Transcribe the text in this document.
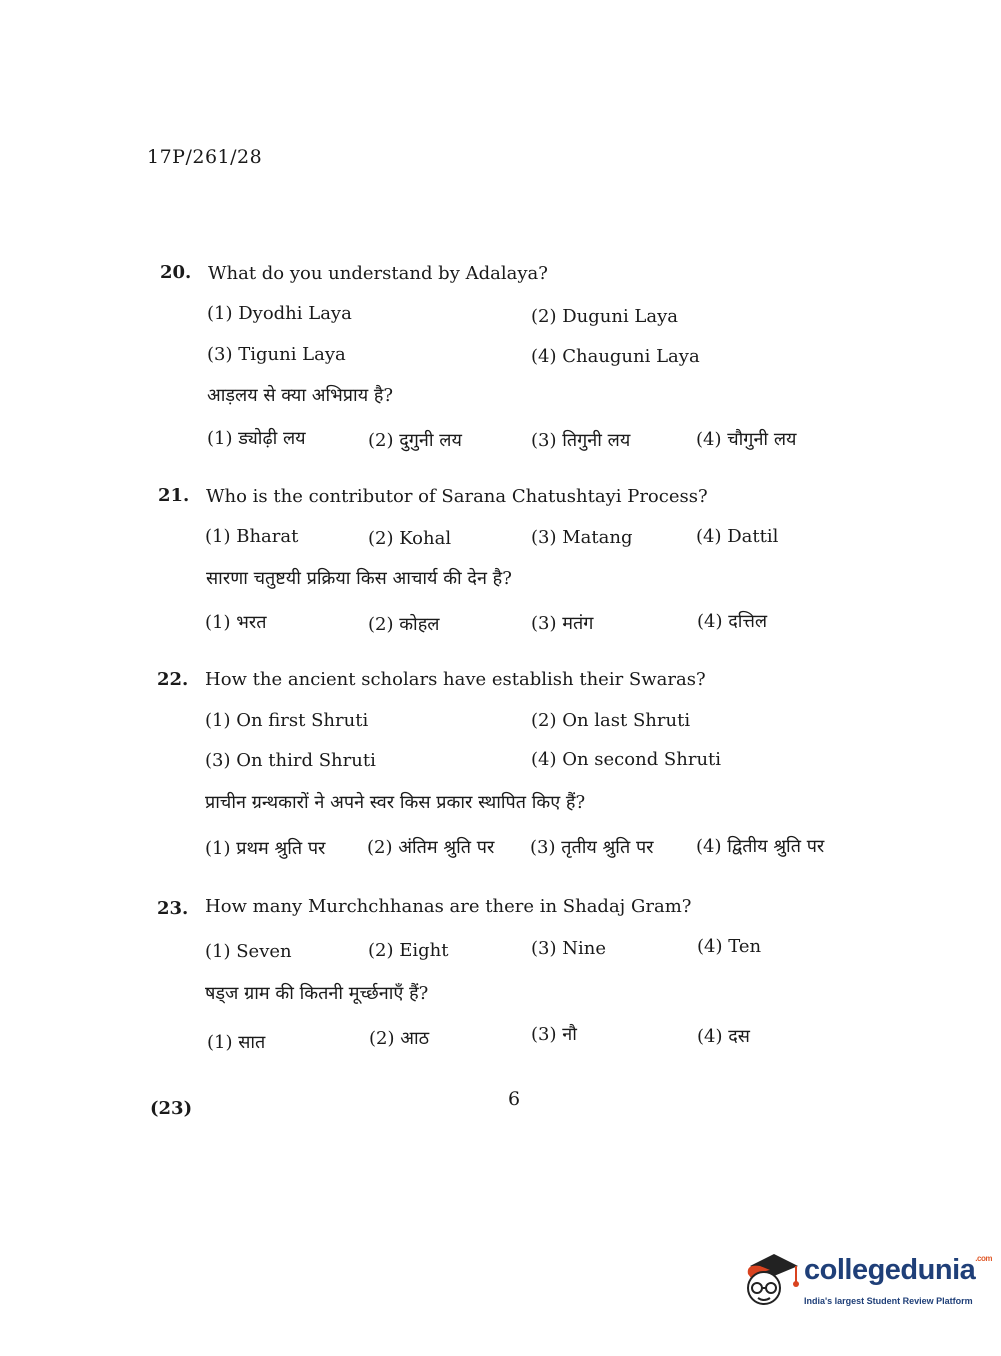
17P/261/28
20. What do you understand by Adalaya?
(1) Dyodhi Laya	(2) Duguni Laya
(3) Tiguni Laya	(4) Chauguni Laya
आड़लय से क्या अभिप्राय है?
(1) ड्योढ़ी लय	(2) दुगुनी लय	(3) तिगुनी लय	(4) चौगुनी लय
21. Who is the contributor of Sarana Chatushtayi Process?
(1) Bharat	(2) Kohal	(3) Matang	(4) Dattil
सारणा चतुष्टयी प्रक्रिया किस आचार्य की देन है?
(1) भरत	(2) कोहल	(3) मतंग	(4) दत्तिल
22. How the ancient scholars have establish their Swaras?
(1) On first Shruti	(2) On last Shruti
(3) On third Shruti	(4) On second Shruti
प्राचीन ग्रन्थकारों ने अपने स्वर किस प्रकार स्थापित किए हैं?
(1) प्रथम श्रुति पर (2) अंतिम श्रुति पर (3) तृतीय श्रुति पर (4) द्वितीय श्रुति पर
23. How many Murchchhanas are there in Shadaj Gram?
(1) Seven	(2) Eight	(3) Nine	(4) Ten
षड्ज ग्राम की कितनी मूर्च्छनाएँ हैं?
(1) सात	(2) आठ	(3) नौ	(4) दस
6
(23)
collegedunia$^{.com}$
India's largest Student Review Platform
